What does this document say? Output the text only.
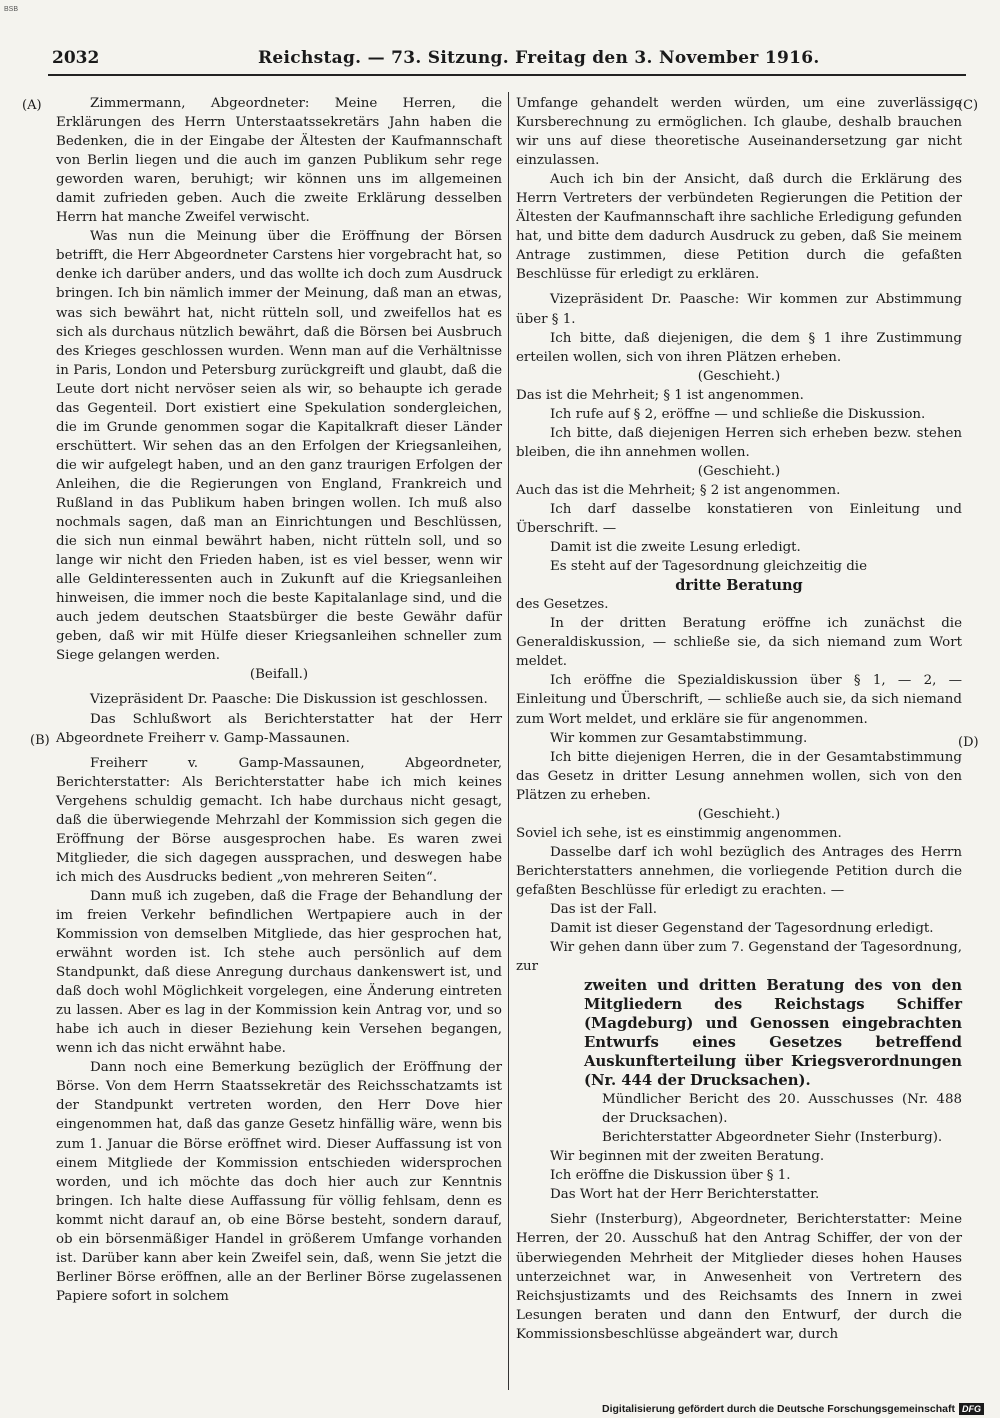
BSB
2032	Reichstag. — 73. Sitzung. Freitag den 3. November 1916.
(A)
(B)
(C)
(D)

Zimmermann, Abgeordneter: Meine Herren, die Erklärungen des Herrn Unterstaatssekretärs Jahn haben die Bedenken, die in der Eingabe der Ältesten der Kaufmannschaft von Berlin liegen und die auch im ganzen Publikum sehr rege geworden waren, beruhigt; wir können uns im allgemeinen damit zufrieden geben. Auch die zweite Erklärung desselben Herrn hat manche Zweifel verwischt.

Was nun die Meinung über die Eröffnung der Börsen betrifft, die Herr Abgeordneter Carstens hier vorgebracht hat, so denke ich darüber anders, und das wollte ich doch zum Ausdruck bringen. Ich bin nämlich immer der Meinung, daß man an etwas, was sich bewährt hat, nicht rütteln soll, und zweifellos hat es sich als durchaus nützlich bewährt, daß die Börsen bei Ausbruch des Krieges geschlossen wurden. Wenn man auf die Verhältnisse in Paris, London und Petersburg zurückgreift und glaubt, daß die Leute dort nicht nervöser seien als wir, so behaupte ich gerade das Gegenteil. Dort existiert eine Spekulation sondergleichen, die im Grunde genommen sogar die Kapitalkraft dieser Länder erschüttert. Wir sehen das an den Erfolgen der Kriegsanleihen, die wir aufgelegt haben, und an den ganz traurigen Erfolgen der Anleihen, die die Regierungen von England, Frankreich und Rußland in das Publikum haben bringen wollen. Ich muß also nochmals sagen, daß man an Einrichtungen und Beschlüssen, die sich nun einmal bewährt haben, nicht rütteln soll, und so lange wir nicht den Frieden haben, ist es viel besser, wenn wir alle Geldinteressenten auch in Zukunft auf die Kriegsanleihen hinweisen, die immer noch die beste Kapitalanlage sind, und die auch jedem deutschen Staatsbürger die beste Gewähr dafür geben, daß wir mit Hülfe dieser Kriegsanleihen schneller zum Siege gelangen werden.

(Beifall.)

Vizepräsident Dr. Paasche: Die Diskussion ist geschlossen.

Das Schlußwort als Berichterstatter hat der Herr Abgeordnete Freiherr v. Gamp-Massaunen.

Freiherr v. Gamp-Massaunen, Abgeordneter, Berichterstatter: Als Berichterstatter habe ich mich keines Vergehens schuldig gemacht. Ich habe durchaus nicht gesagt, daß die überwiegende Mehrzahl der Kommission sich gegen die Eröffnung der Börse ausgesprochen habe. Es waren zwei Mitglieder, die sich dagegen aussprachen, und deswegen habe ich mich des Ausdrucks bedient „von mehreren Seiten“.

Dann muß ich zugeben, daß die Frage der Behandlung der im freien Verkehr befindlichen Wertpapiere auch in der Kommission von demselben Mitgliede, das hier gesprochen hat, erwähnt worden ist. Ich stehe auch persönlich auf dem Standpunkt, daß diese Anregung durchaus dankenswert ist, und daß doch wohl Möglichkeit vorgelegen, eine Änderung eintreten zu lassen. Aber es lag in der Kommission kein Antrag vor, und so habe ich auch in dieser Beziehung kein Versehen begangen, wenn ich das nicht erwähnt habe.

Dann noch eine Bemerkung bezüglich der Eröffnung der Börse. Von dem Herrn Staatssekretär des Reichsschatzamts ist der Standpunkt vertreten worden, den Herr Dove hier eingenommen hat, daß das ganze Gesetz hinfällig wäre, wenn bis zum 1. Januar die Börse eröffnet wird. Dieser Auffassung ist von einem Mitgliede der Kommission entschieden widersprochen worden, und ich möchte das doch hier auch zur Kenntnis bringen. Ich halte diese Auffassung für völlig fehlsam, denn es kommt nicht darauf an, ob eine Börse besteht, sondern darauf, ob ein börsenmäßiger Handel in größerem Umfange vorhanden ist. Darüber kann aber kein Zweifel sein, daß, wenn Sie jetzt die Berliner Börse eröffnen, alle an der Berliner Börse zugelassenen Papiere sofort in solchem

Umfange gehandelt werden würden, um eine zuverlässige Kursberechnung zu ermöglichen. Ich glaube, deshalb brauchen wir uns auf diese theoretische Auseinandersetzung gar nicht einzulassen.

Auch ich bin der Ansicht, daß durch die Erklärung des Herrn Vertreters der verbündeten Regierungen die Petition der Ältesten der Kaufmannschaft ihre sachliche Erledigung gefunden hat, und bitte dem dadurch Ausdruck zu geben, daß Sie meinem Antrage zustimmen, diese Petition durch die gefaßten Beschlüsse für erledigt zu erklären.

Vizepräsident Dr. Paasche: Wir kommen zur Abstimmung über § 1.

Ich bitte, daß diejenigen, die dem § 1 ihre Zustimmung erteilen wollen, sich von ihren Plätzen erheben.

(Geschieht.)

Das ist die Mehrheit; § 1 ist angenommen.

Ich rufe auf § 2, eröffne — und schließe die Diskussion.

Ich bitte, daß diejenigen Herren sich erheben bezw. stehen bleiben, die ihn annehmen wollen.

(Geschieht.)

Auch das ist die Mehrheit; § 2 ist angenommen.

Ich darf dasselbe konstatieren von Einleitung und Überschrift. —

Damit ist die zweite Lesung erledigt.

Es steht auf der Tagesordnung gleichzeitig die

dritte Beratung

des Gesetzes.

In der dritten Beratung eröffne ich zunächst die Generaldiskussion, — schließe sie, da sich niemand zum Wort meldet.

Ich eröffne die Spezialdiskussion über § 1, — 2, — Einleitung und Überschrift, — schließe auch sie, da sich niemand zum Wort meldet, und erkläre sie für angenommen.

Wir kommen zur Gesamtabstimmung.

Ich bitte diejenigen Herren, die in der Gesamtabstimmung das Gesetz in dritter Lesung annehmen wollen, sich von den Plätzen zu erheben.

(Geschieht.)

Soviel ich sehe, ist es einstimmig angenommen.

Dasselbe darf ich wohl bezüglich des Antrages des Herrn Berichterstatters annehmen, die vorliegende Petition durch die gefaßten Beschlüsse für erledigt zu erachten. —

Das ist der Fall.

Damit ist dieser Gegenstand der Tagesordnung erledigt.

Wir gehen dann über zum 7. Gegenstand der Tagesordnung, zur

zweiten und dritten Beratung des von den Mitgliedern des Reichstags Schiffer (Magdeburg) und Genossen eingebrachten Entwurfs eines Gesetzes betreffend Auskunfterteilung über Kriegsverordnungen (Nr. 444 der Drucksachen).

Mündlicher Bericht des 20. Ausschusses (Nr. 488 der Drucksachen).

Berichterstatter Abgeordneter Siehr (Insterburg).

Wir beginnen mit der zweiten Beratung.

Ich eröffne die Diskussion über § 1.

Das Wort hat der Herr Berichterstatter.

Siehr (Insterburg), Abgeordneter, Berichterstatter: Meine Herren, der 20. Ausschuß hat den Antrag Schiffer, der von der überwiegenden Mehrheit der Mitglieder dieses hohen Hauses unterzeichnet war, in Anwesenheit von Vertretern des Reichsjustizamts und des Reichsamts des Innern in zwei Lesungen beraten und dann den Entwurf, der durch die Kommissionsbeschlüsse abgeändert war, durch

Digitalisierung gefördert durch die Deutsche Forschungsgemeinschaft DFG
